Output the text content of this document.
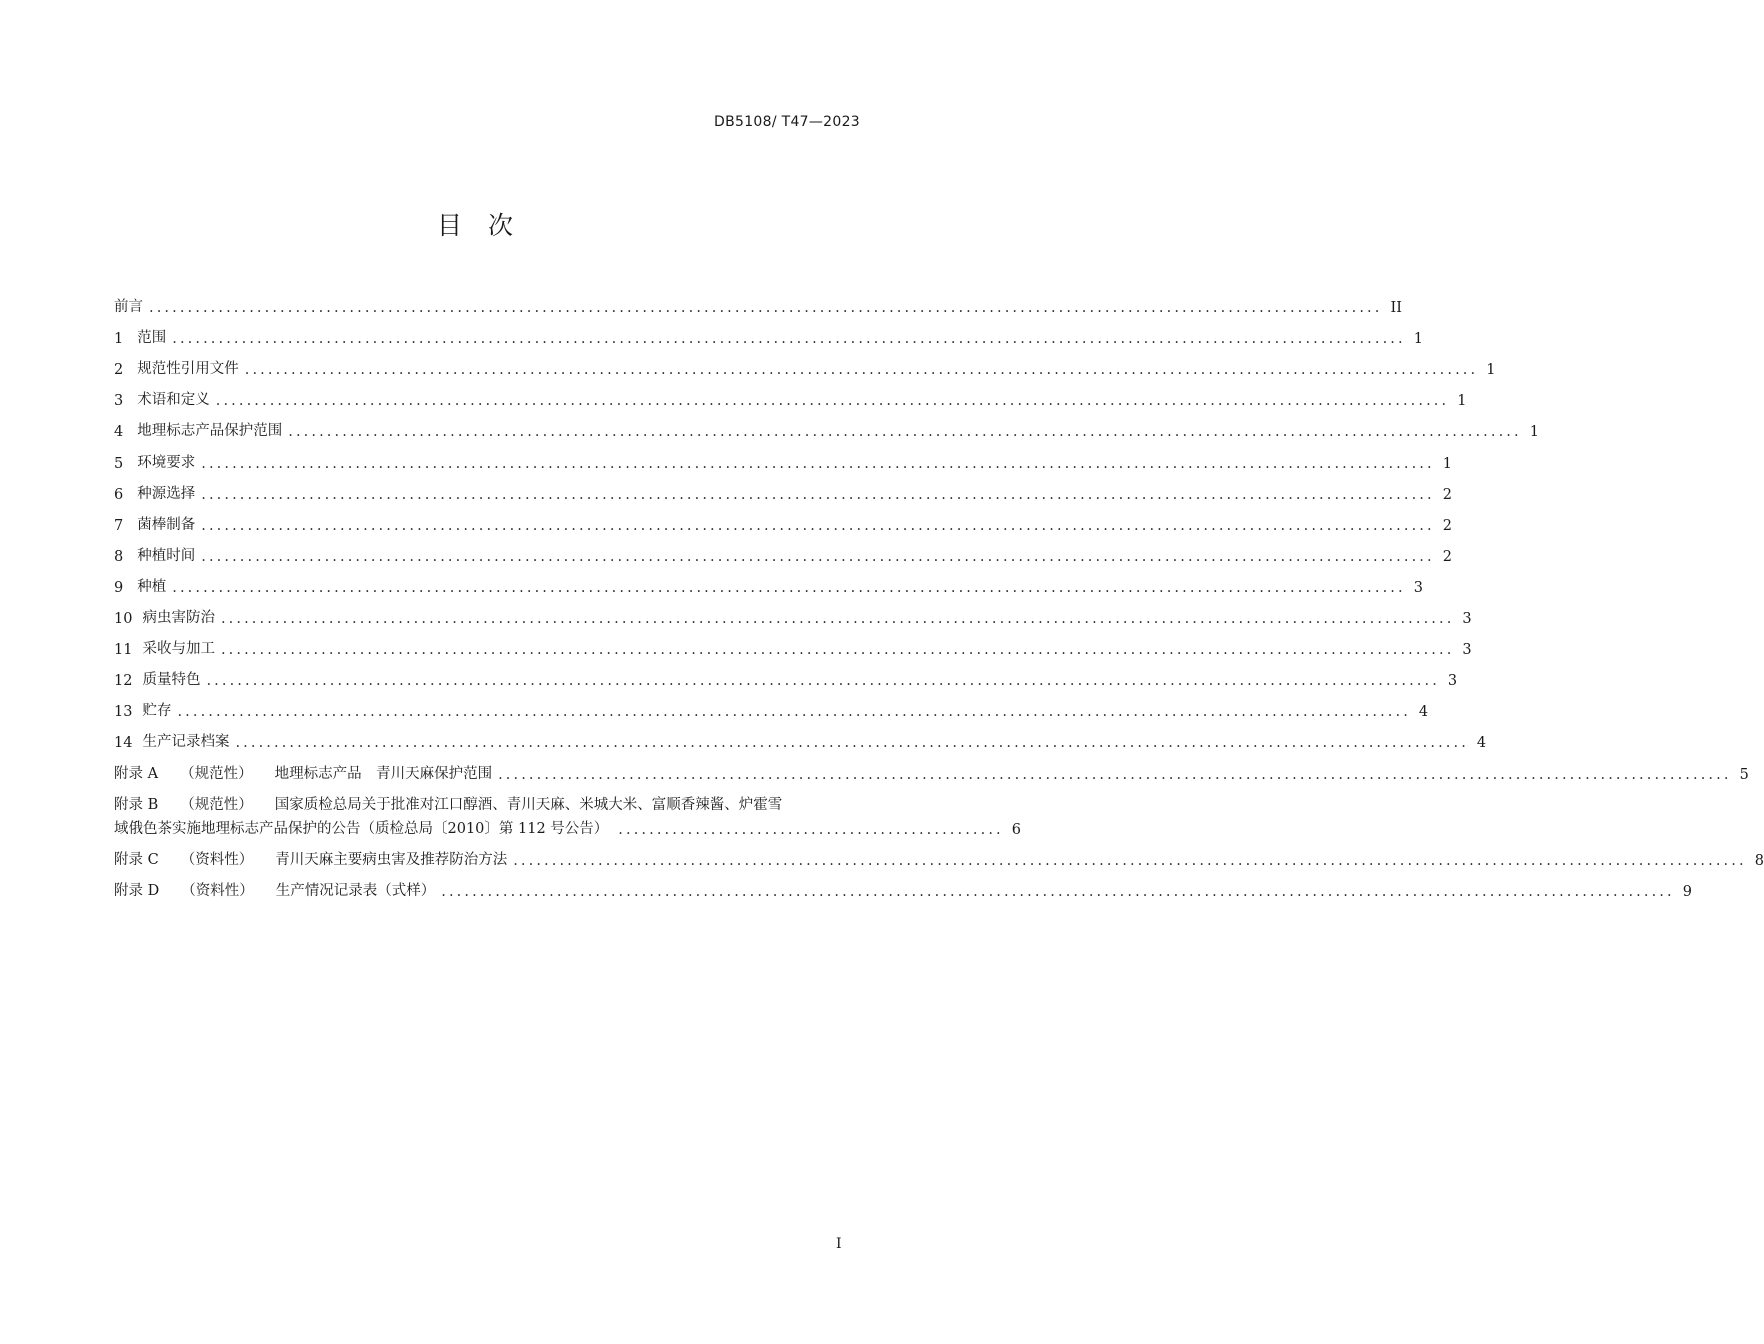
DB5108/ T47—2023
目次
前言 .....	II
1 范围 .....	1
2 规范性引用文件 .....	1
3 术语和定义 .....	1
4 地理标志产品保护范围 .....	1
5 环境要求 .....	1
6 种源选择 .....	2
7 菌棒制备 .....	2
8 种植时间 .....	2
9 种植 .....	3
10 病虫害防治 .....	3
11 采收与加工 .....	3
12 质量特色 .....	3
13 贮存 .....	4
14 生产记录档案 .....	4
附录 A （规范性） 地理标志产品　青川天麻保护范围 .....	5
附录 B （规范性） 国家质检总局关于批准对江口醇酒、青川天麻、米城大米、富顺香辣酱、炉霍雪
域俄色茶实施地理标志产品保护的公告（质检总局〔2010〕第 112 号公告） .................................................. 6
附录 C （资料性） 青川天麻主要病虫害及推荐防治方法 .....	8
附录 D （资料性） 生产情况记录表（式样） .....	9
I
